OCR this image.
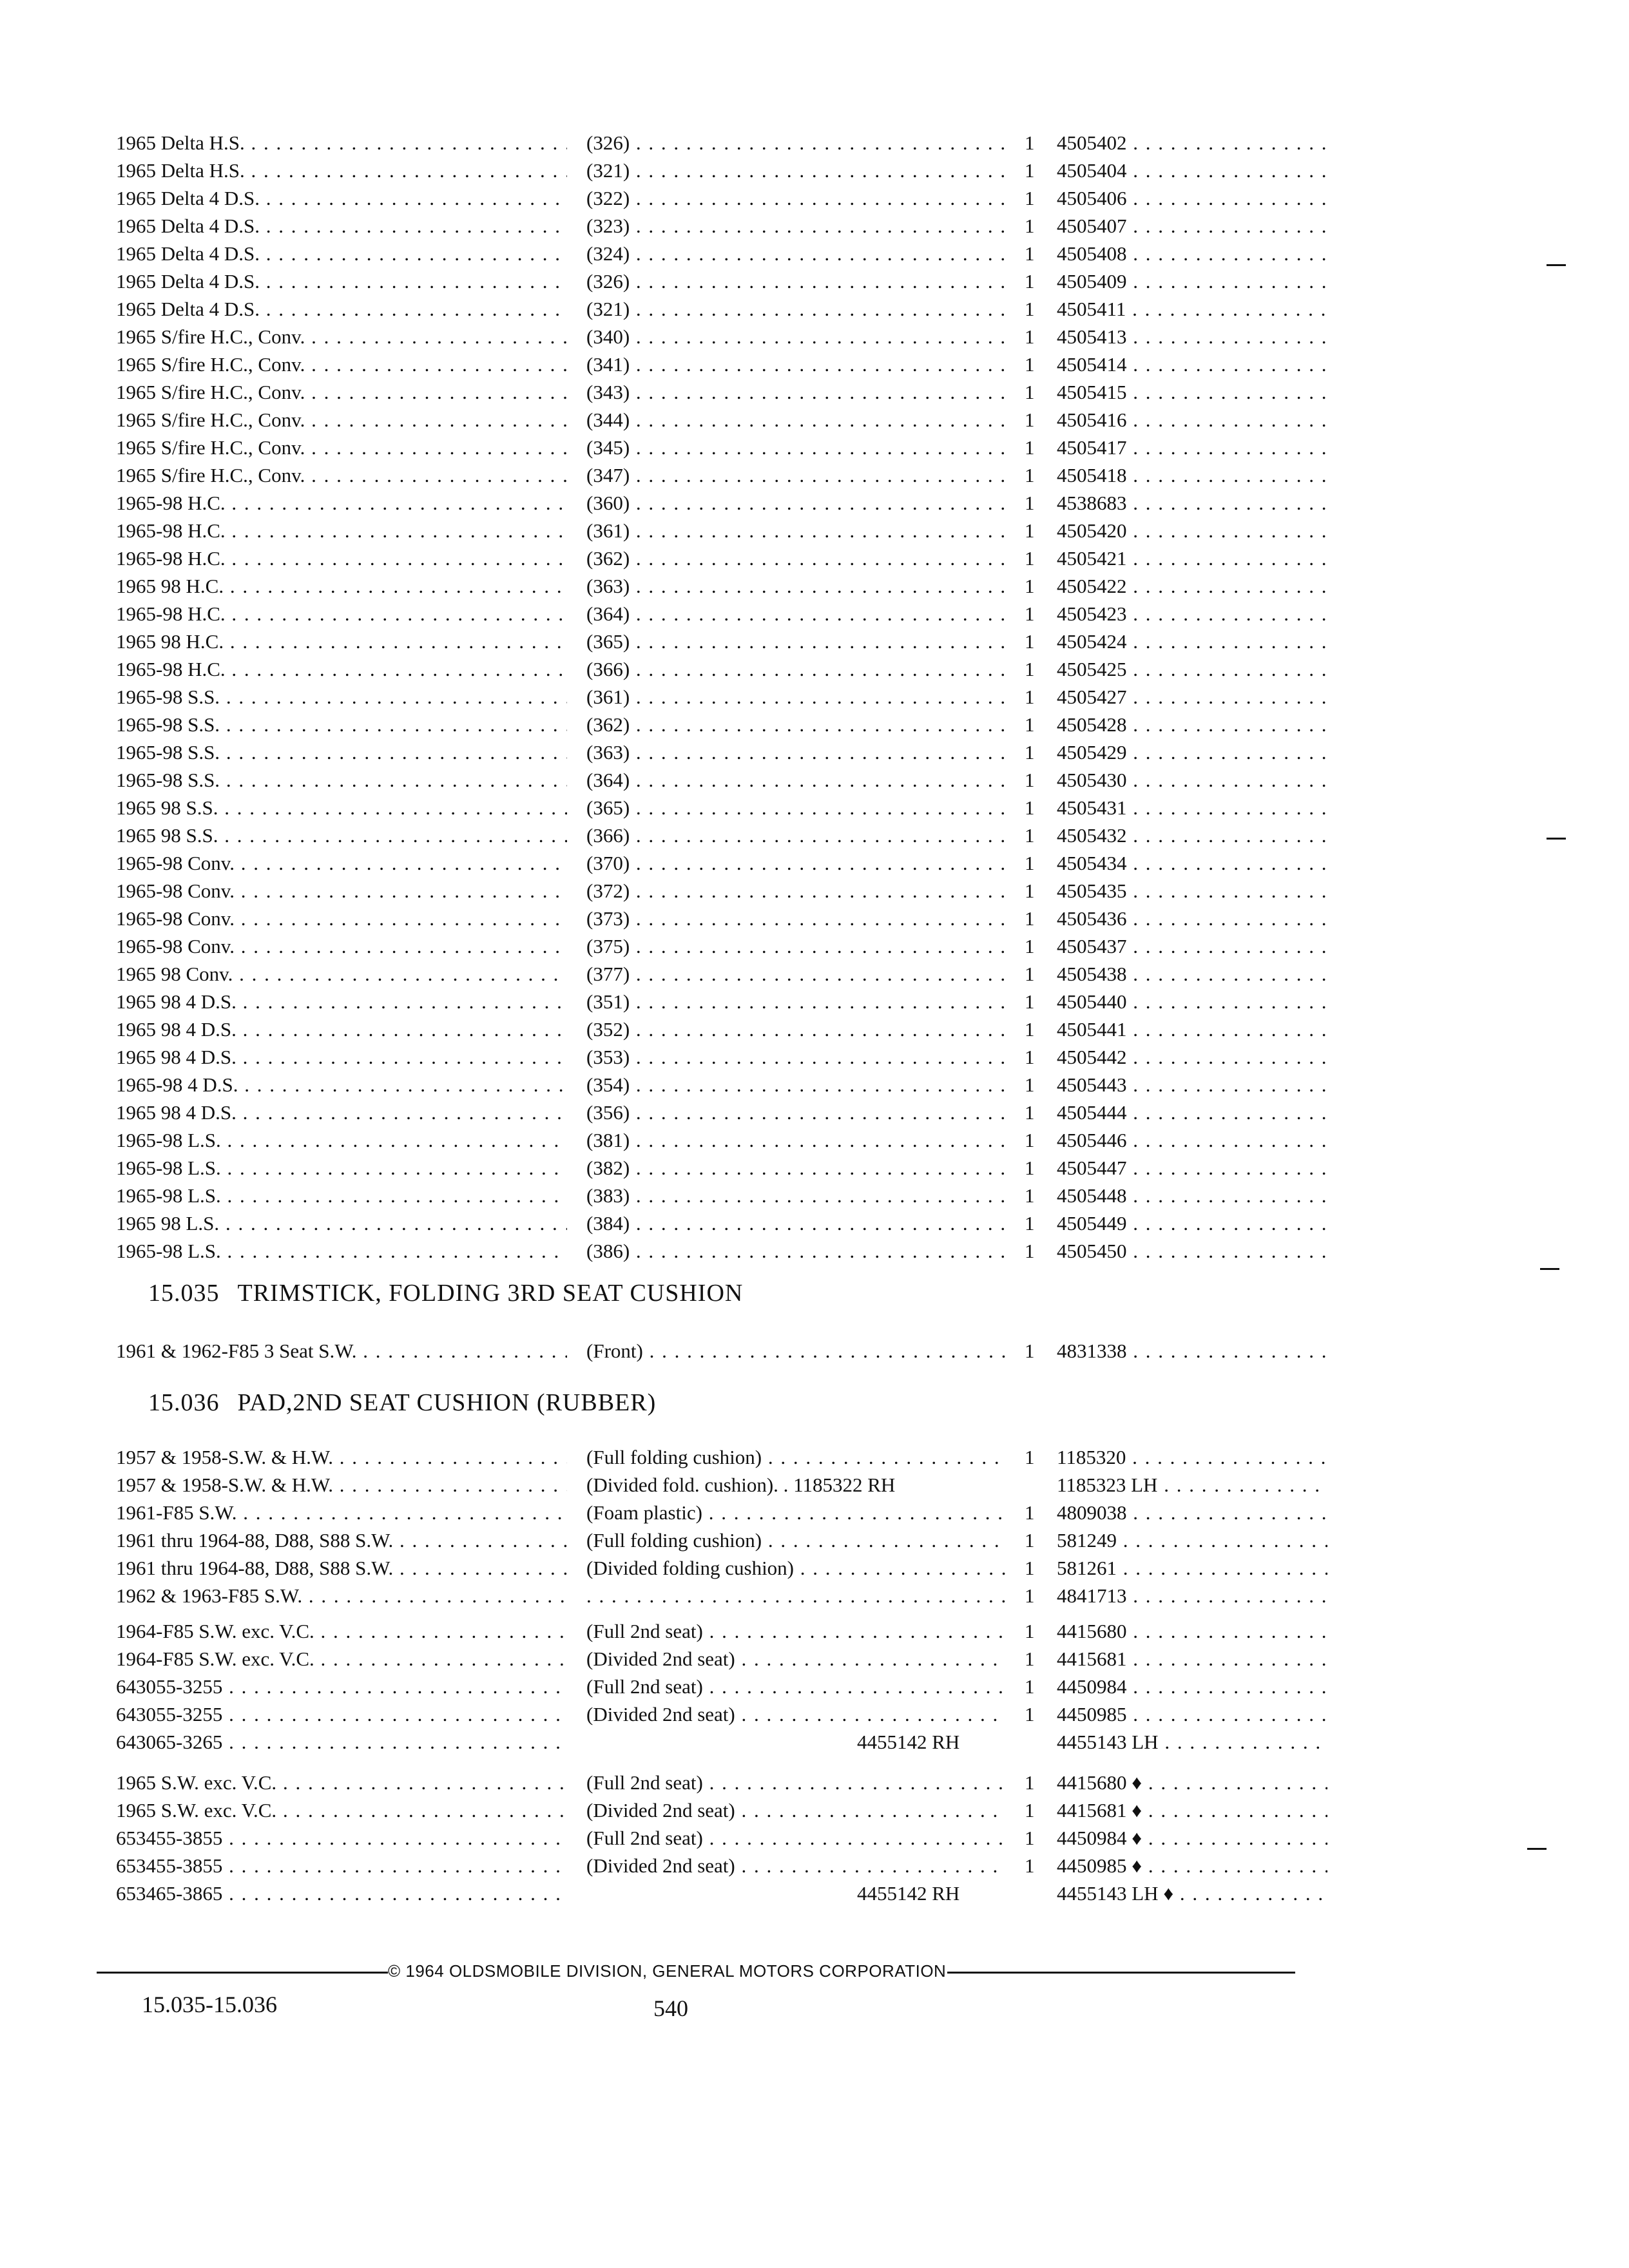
1965 Delta H.S. . . .	(326) . . .	1	4505402 . . .
1965 Delta H.S. . . .	(321) . . .	1	4505404 . . .
1965 Delta 4 D.S. . . .	(322) . . .	1	4505406 . . .
1965 Delta 4 D.S. . . .	(323) . . .	1	4505407 . . .
1965 Delta 4 D.S. . . .	(324) . . .	1	4505408 . . .
1965 Delta 4 D.S. . . .	(326) . . .	1	4505409 . . .
1965 Delta 4 D.S. . . .	(321) . . .	1	4505411 . . .
1965 S/fire H.C., Conv. . . .	(340) . . .	1	4505413 . . .
1965 S/fire H.C., Conv. . . .	(341) . . .	1	4505414 . . .
1965 S/fire H.C., Conv. . . .	(343) . . .	1	4505415 . . .
1965 S/fire H.C., Conv. . . .	(344) . . .	1	4505416 . . .
1965 S/fire H.C., Conv. . . .	(345) . . .	1	4505417 . . .
1965 S/fire H.C., Conv. . . .	(347) . . .	1	4505418 . . .
1965-98 H.C. . . .	(360) . . .	1	4538683 . . .
1965-98 H.C. . . .	(361) . . .	1	4505420 . . .
1965-98 H.C. . . .	(362) . . .	1	4505421 . . .
1965 98 H.C. . . .	(363) . . .	1	4505422 . . .
1965-98 H.C. . . .	(364) . . .	1	4505423 . . .
1965 98 H.C. . . .	(365) . . .	1	4505424 . . .
1965-98 H.C. . . .	(366) . . .	1	4505425 . . .
1965-98 S.S. . . .	(361) . . .	1	4505427 . . .
1965-98 S.S. . . .	(362) . . .	1	4505428 . . .
1965-98 S.S. . . .	(363) . . .	1	4505429 . . .
1965-98 S.S. . . .	(364) . . .	1	4505430 . . .
1965 98 S.S. . . .	(365) . . .	1	4505431 . . .
1965 98 S.S. . . .	(366) . . .	1	4505432 . . .
1965-98 Conv. . . .	(370) . . .	1	4505434 . . .
1965-98 Conv. . . .	(372) . . .	1	4505435 . . .
1965-98 Conv. . . .	(373) . . .	1	4505436 . . .
1965-98 Conv. . . .	(375) . . .	1	4505437 . . .
1965 98 Conv. . . .	(377) . . .	1	4505438 . . .
1965 98 4 D.S. . . .	(351) . . .	1	4505440 . . .
1965 98 4 D.S. . . .	(352) . . .	1	4505441 . . .
1965 98 4 D.S. . . .	(353) . . .	1	4505442 . . .
1965-98 4 D.S. . . .	(354) . . .	1	4505443 . . .
1965 98 4 D.S. . . .	(356) . . .	1	4505444 . . .
1965-98 L.S. . . .	(381) . . .	1	4505446 . . .
1965-98 L.S. . . .	(382) . . .	1	4505447 . . .
1965-98 L.S. . . .	(383) . . .	1	4505448 . . .
1965 98 L.S. . . .	(384) . . .	1	4505449 . . .
1965-98 L.S. . . .	(386) . . .	1	4505450 . . .
15.035 TRIMSTICK, FOLDING 3RD SEAT CUSHION
1961 & 1962-F85 3 Seat S.W. . . .	(Front) . . .	1	4831338 . . .
15.036 PAD,2ND SEAT CUSHION (RUBBER)
1957 & 1958-S.W. & H.W. . . .	(Full folding cushion) . . .	1	1185320 . . .
1957 & 1958-S.W. & H.W. . . .	(Divided fold. cushion). . 1185322 RH	1185323 LH . . .
1961-F85 S.W. . . .	(Foam plastic) . . .	1	4809038 . . .
1961 thru 1964-88, D88, S88 S.W. . . .	(Full folding cushion) . . .	1	581249 . . .
1961 thru 1964-88, D88, S88 S.W. . . .	(Divided folding cushion) . . .	1	581261 . . .
1962 & 1963-F85 S.W. . . .
. . .	1	4841713 . . .
1964-F85 S.W. exc. V.C. . . .	(Full 2nd seat) . . .	1	4415680 . . .
1964-F85 S.W. exc. V.C. . . .	(Divided 2nd seat) . . .	1	4415681 . . .
643055-3255 . . .	(Full 2nd seat) . . .	1	4450984 . . .
643055-3255 . . .	(Divided 2nd seat) . . .	1	4450985 . . .
643065-3265 . . .	4455142 RH	4455143 LH . . .
1965 S.W. exc. V.C. . . .	(Full 2nd seat) . . .	1	4415680 ♦ . . .
1965 S.W. exc. V.C. . . .	(Divided 2nd seat) . . .	1	4415681 ♦ . . .
653455-3855 . . .	(Full 2nd seat) . . .	1	4450984 ♦ . . .
653455-3855 . . .	(Divided 2nd seat) . . .	1	4450985 ♦ . . .
653465-3865 . . .	4455142 RH	4455143 LH ♦ . . .
© 1964 OLDSMOBILE DIVISION, GENERAL MOTORS CORPORATION
15.035-15.036	540
